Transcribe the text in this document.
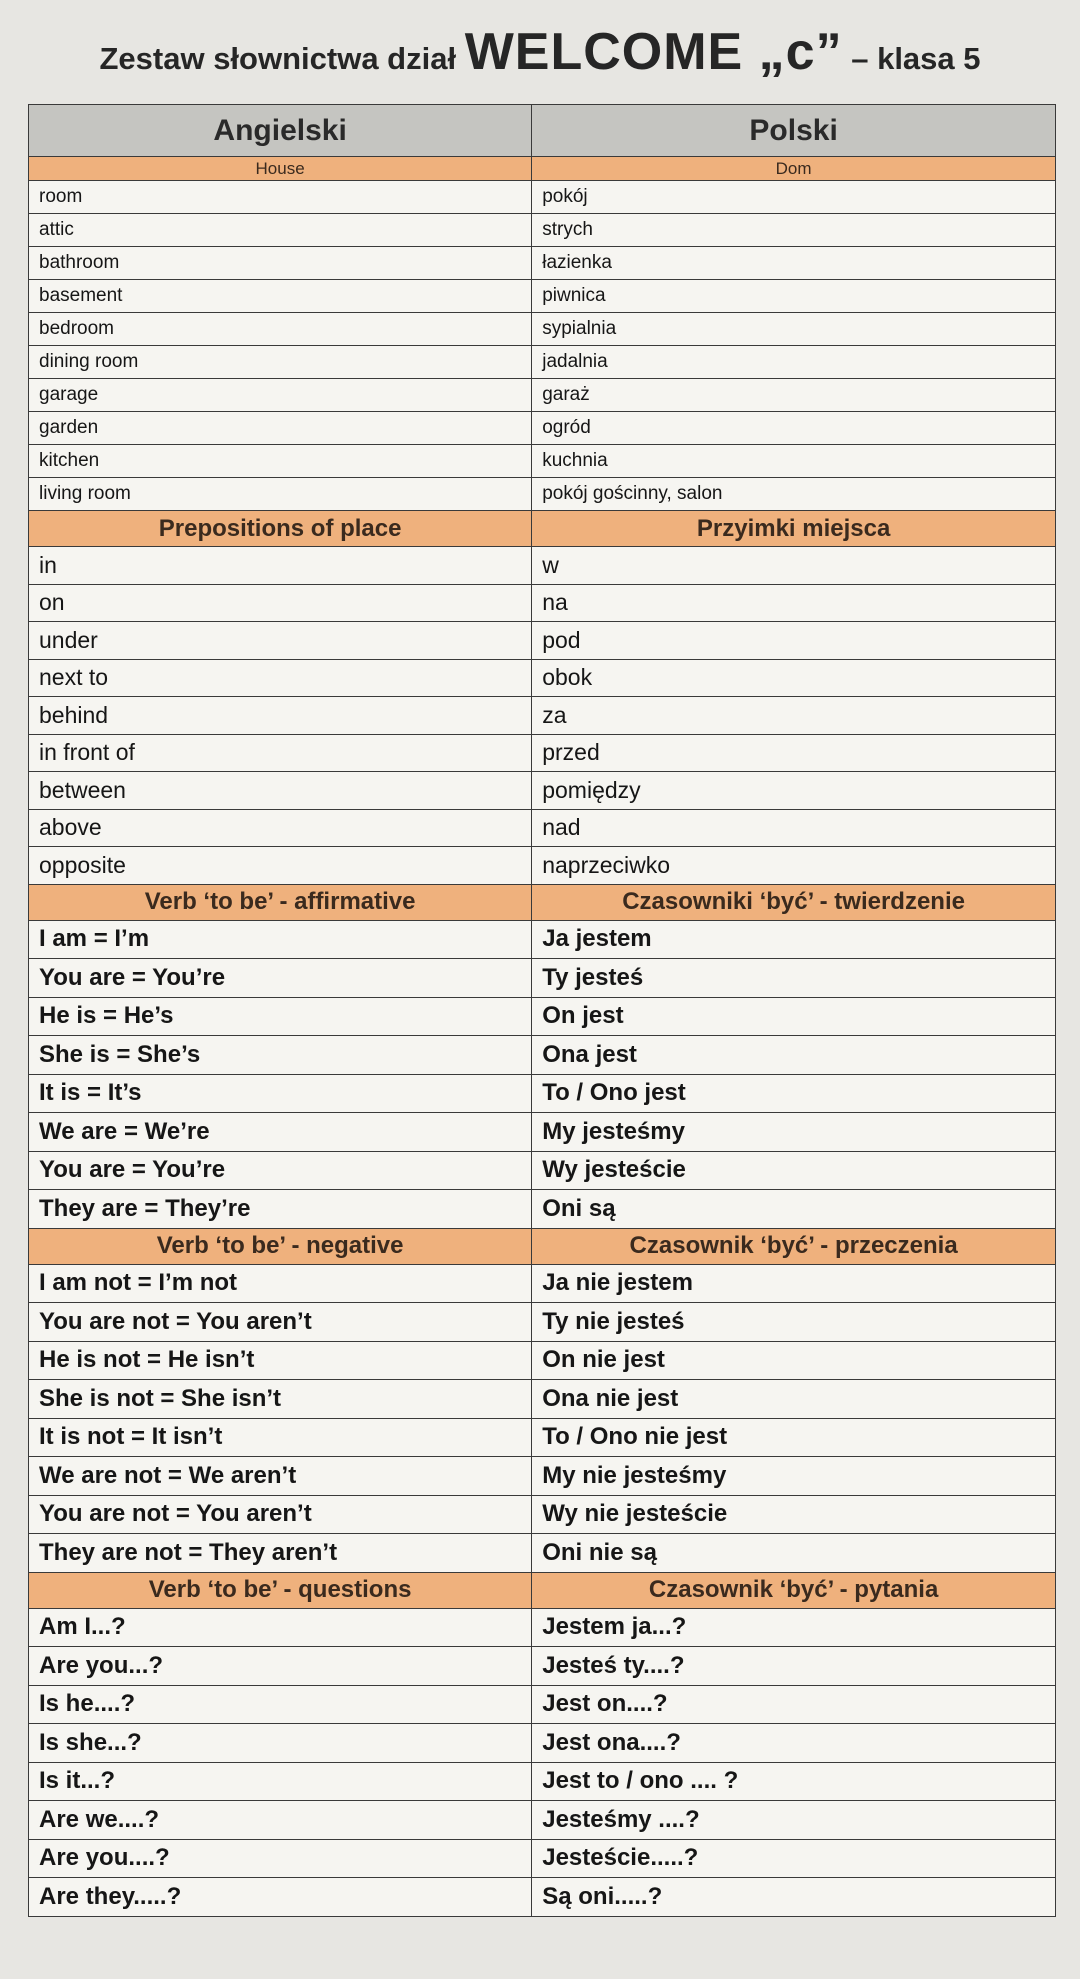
Zestaw słownictwa dział WELCOME „c” – klasa 5
Angielski	Polski
House	Dom
room	pokój
attic	strych
bathroom	łazienka
basement	piwnica
bedroom	sypialnia
dining room	jadalnia
garage	garaż
garden	ogród
kitchen	kuchnia
living room	pokój gościnny, salon
Prepositions of place	Przyimki miejsca
in	w
on	na
under	pod
next to	obok
behind	za
in front of	przed
between	pomiędzy
above	nad
opposite	naprzeciwko
Verb ‘to be’ - affirmative	Czasowniki ‘być’ - twierdzenie
I am = I’m	Ja jestem
You are = You’re	Ty jesteś
He is = He’s	On jest
She is = She’s	Ona jest
It is = It’s	To / Ono jest
We are = We’re	My jesteśmy
You are = You’re	Wy jesteście
They are = They’re	Oni są
Verb ‘to be’ - negative	Czasownik ‘być’ - przeczenia
I am not = I’m not	Ja nie jestem
You are not = You aren’t	Ty nie jesteś
He is not = He isn’t	On nie jest
She is not = She isn’t	Ona nie jest
It is not = It isn’t	To / Ono nie jest
We are not = We aren’t	My nie jesteśmy
You are not = You aren’t	Wy nie jesteście
They are not = They aren’t	Oni nie są
Verb ‘to be’ - questions	Czasownik ‘być’ - pytania
Am I...?	Jestem ja...?
Are you...?	Jesteś ty....?
Is he....?	Jest on....?
Is she...?	Jest ona....?
Is it...?	Jest to / ono .... ?
Are we....?	Jesteśmy ....?
Are you....?	Jesteście.....?
Are they.....?	Są oni.....?
